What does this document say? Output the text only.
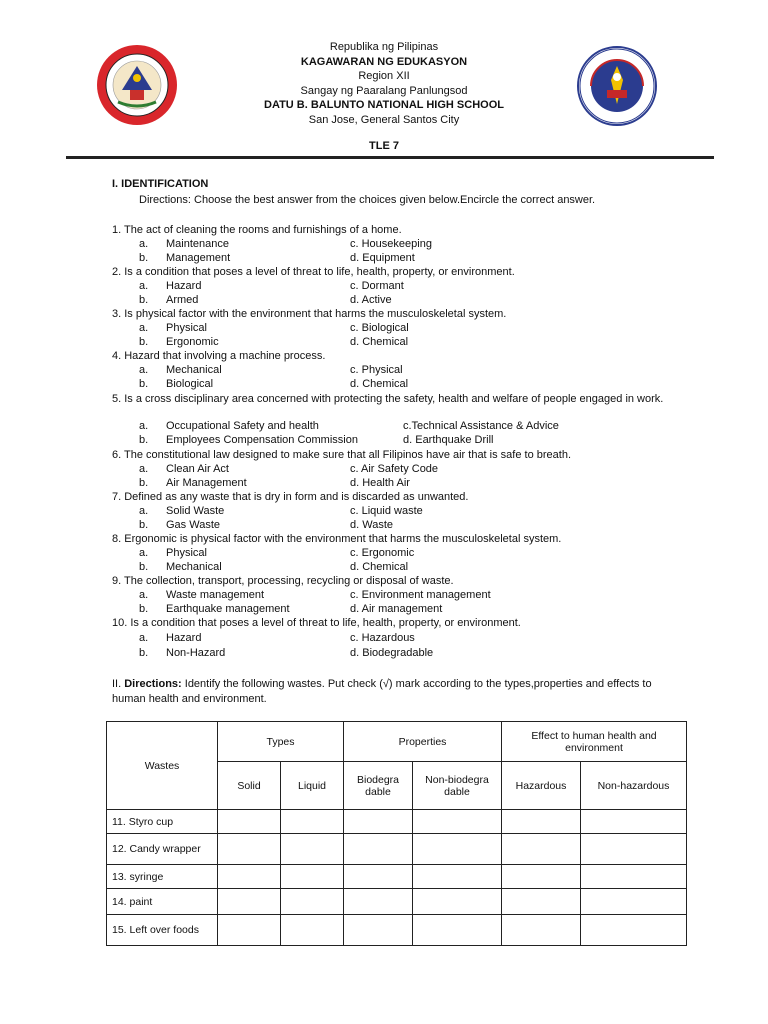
Republika ng Pilipinas
KAGAWARAN NG EDUKASYON
Region XII
Sangay ng Paaralang Panlungsod
DATU B. BALUNTO NATIONAL HIGH SCHOOL
San Jose, General Santos City
TLE 7
I. IDENTIFICATION
Directions: Choose the best answer from the choices given below.Encircle the correct answer.
1. The act of cleaning the rooms and furnishings of a home.
a. Maintenance	c. Housekeeping
b. Management	d. Equipment
2. Is a condition that poses a level of threat to life, health, property, or environment.
a. Hazard	c. Dormant
b. Armed	d. Active
3. Is physical factor with the environment that harms the musculoskeletal system.
a. Physical	c. Biological
b. Ergonomic	d. Chemical
4. Hazard that involving a machine process.
a. Mechanical	c. Physical
b. Biological	d. Chemical
5. Is a cross disciplinary area concerned with protecting the safety, health and welfare of people engaged in work.
a. Occupational Safety and health	c.Technical Assistance & Advice
b. Employees Compensation Commission	d. Earthquake Drill
6. The constitutional law designed to make sure that all Filipinos have air that is safe to breath.
a. Clean Air Act	c. Air Safety Code
b. Air Management	d. Health Air
7. Defined as any waste that is dry in form and is discarded as unwanted.
a. Solid Waste	c. Liquid waste
b. Gas Waste	d. Waste
8. Ergonomic is physical factor with the environment that harms the musculoskeletal system.
a. Physical	c. Ergonomic
b. Mechanical	d. Chemical
9. The collection, transport, processing, recycling or disposal of waste.
a. Waste management	c. Environment management
b. Earthquake management	d. Air management
10. Is a condition that poses a level of threat to life, health, property, or environment.
a. Hazard	c. Hazardous
b. Non-Hazard	d. Biodegradable
II. Directions: Identify the following wastes. Put check (√) mark according to the types,properties and effects to human health and environment.
Wastes	Types		Properties		Effect to human health and environment	
	Solid	Liquid	Biodegra dable	Non-biodegra dable	Hazardous	Non-hazardous
11. Styro cup						
12. Candy wrapper						
13. syringe						
14. paint						
15. Left over foods						
